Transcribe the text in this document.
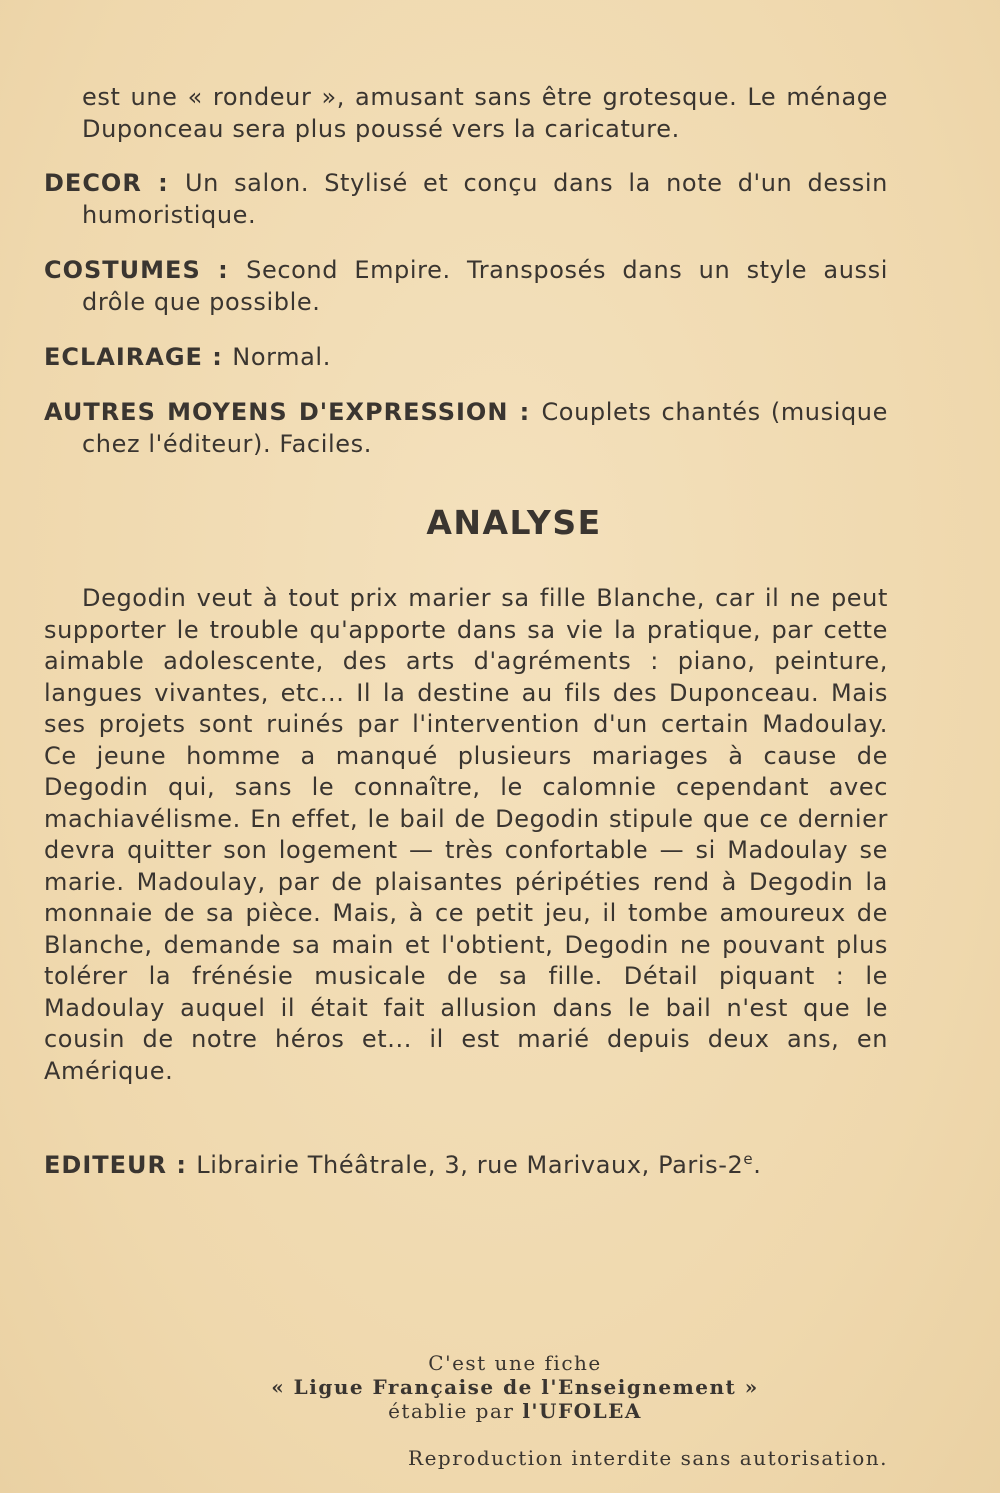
est une « rondeur », amusant sans être grotesque. Le ménage Duponceau sera plus poussé vers la caricature.

DECOR : Un salon. Stylisé et conçu dans la note d'un dessin humoristique.

COSTUMES : Second Empire. Transposés dans un style aussi drôle que possible.

ECLAIRAGE : Normal.

AUTRES MOYENS D'EXPRESSION : Couplets chantés (musique chez l'éditeur). Faciles.

ANALYSE

Degodin veut à tout prix marier sa fille Blanche, car il ne peut supporter le trouble qu'apporte dans sa vie la pratique, par cette aimable adolescente, des arts d'agréments : piano, peinture, langues vivantes, etc... Il la destine au fils des Duponceau. Mais ses projets sont ruinés par l'intervention d'un certain Madoulay. Ce jeune homme a manqué plusieurs mariages à cause de Degodin qui, sans le connaître, le calomnie cependant avec machiavélisme. En effet, le bail de Degodin stipule que ce dernier devra quitter son logement — très confortable — si Madoulay se marie. Madoulay, par de plaisantes péripéties rend à Degodin la monnaie de sa pièce. Mais, à ce petit jeu, il tombe amoureux de Blanche, demande sa main et l'obtient, Degodin ne pouvant plus tolérer la frénésie musicale de sa fille. Détail piquant : le Madoulay auquel il était fait allusion dans le bail n'est que le cousin de notre héros et... il est marié depuis deux ans, en Amérique.

EDITEUR : Librairie Théâtrale, 3, rue Marivaux, Paris-2e.

C'est une fiche
« Ligue Française de l'Enseignement »
établie par l'UFOLEA
Reproduction interdite sans autorisation.
